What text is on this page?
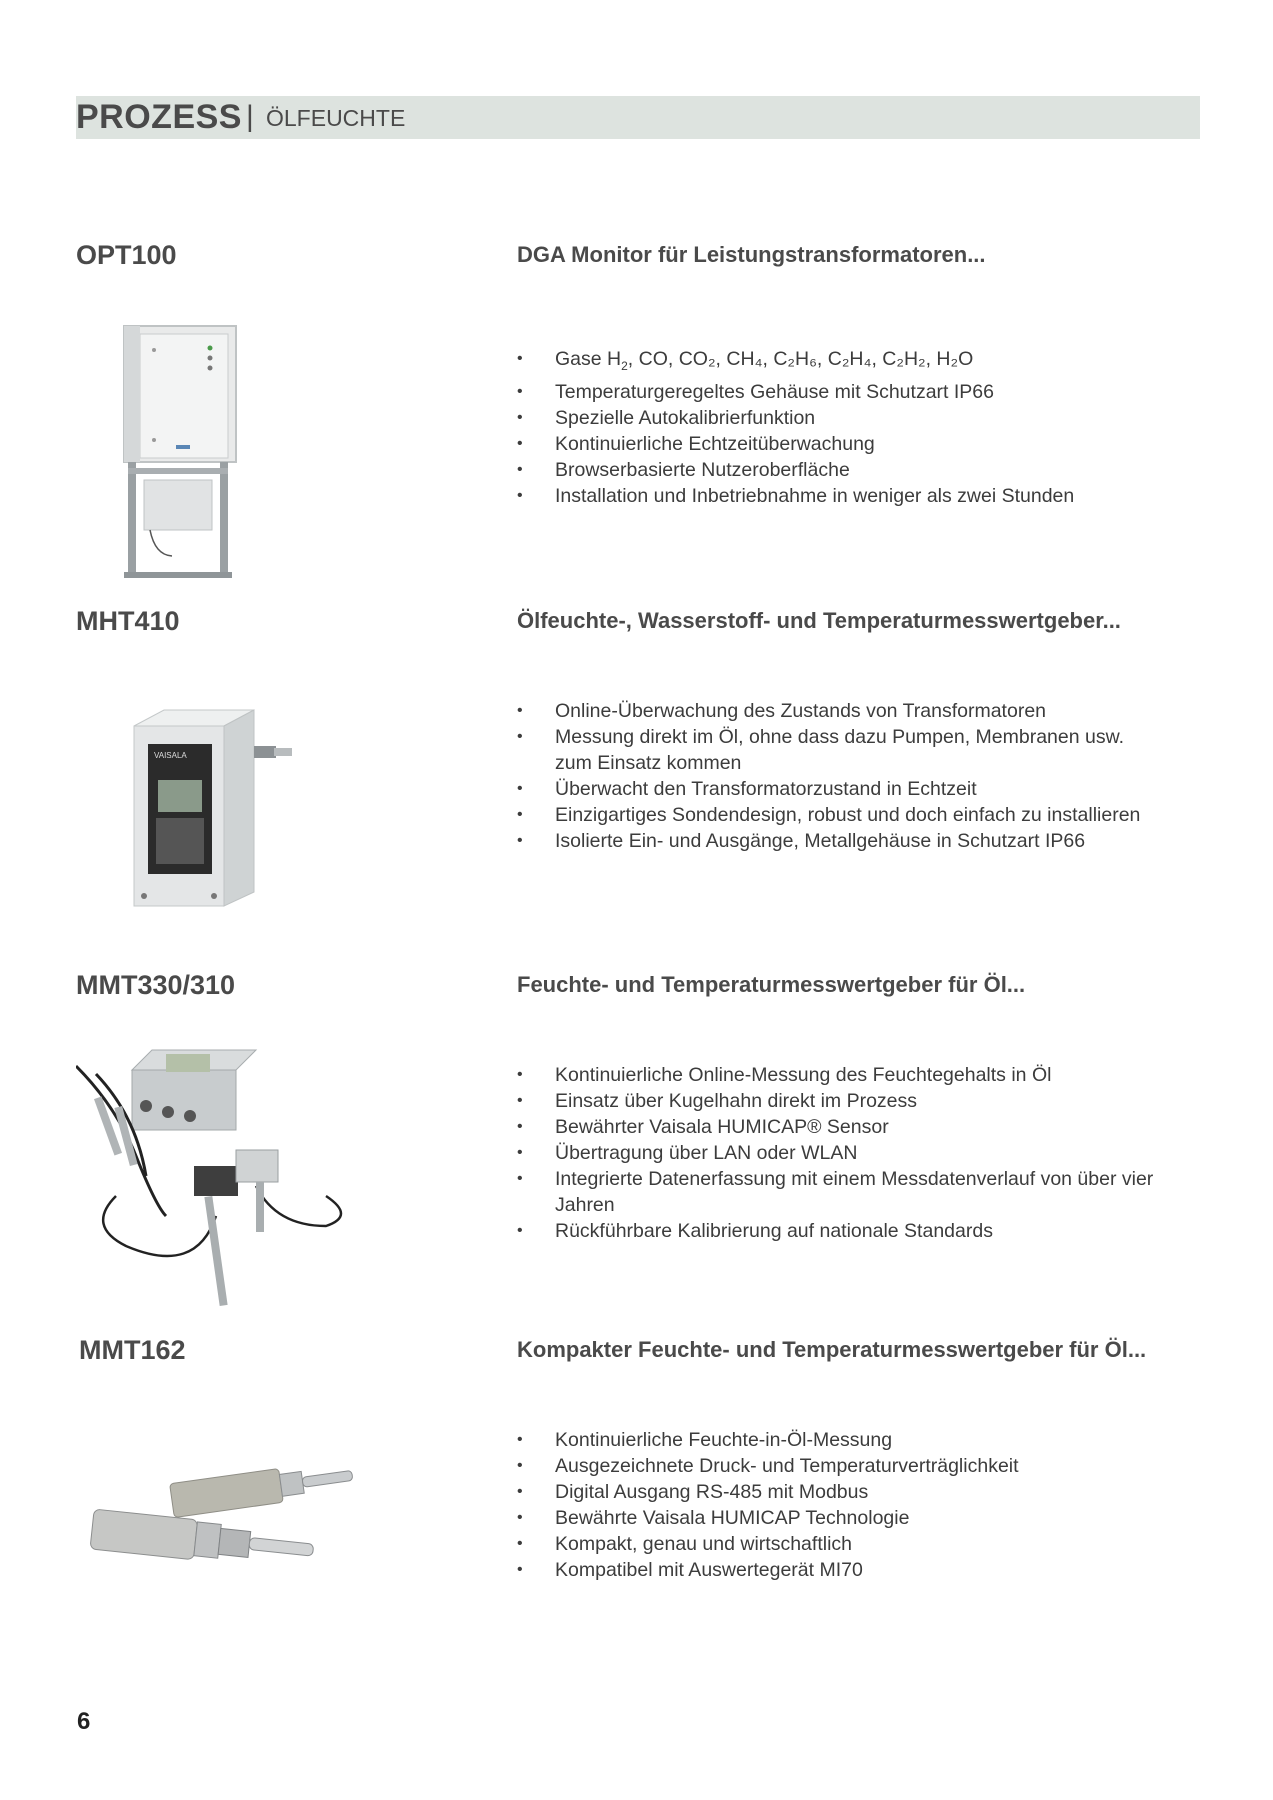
PROZESS | ÖLFEUCHTE
OPT100	DGA Monitor für Leistungstransformatoren...
• Gase $H_2$, CO, CO₂, CH₄, C₂H₆, C₂H₄, C₂H₂, H₂O
• Temperaturgeregeltes Gehäuse mit Schutzart IP66
• Spezielle Autokalibrierfunktion
• Kontinuierliche Echtzeitüberwachung
• Browserbasierte Nutzeroberfläche
• Installation und Inbetriebnahme in weniger als zwei Stunden
MHT410	Ölfeuchte-, Wasserstoff- und Temperaturmesswertgeber...
VAISALA
• Online-Überwachung des Zustands von Transformatoren
• Messung direkt im Öl, ohne dass dazu Pumpen, Membranen usw. zum Einsatz kommen
• Überwacht den Transformatorzustand in Echtzeit
• Einzigartiges Sondendesign, robust und doch einfach zu installieren
• Isolierte Ein- und Ausgänge, Metallgehäuse in Schutzart IP66
MMT330/310	Feuchte- und Temperaturmesswertgeber für Öl...
• Kontinuierliche Online-Messung des Feuchtegehalts in Öl
• Einsatz über Kugelhahn direkt im Prozess
• Bewährter Vaisala HUMICAP® Sensor
• Übertragung über LAN oder WLAN
• Integrierte Datenerfassung mit einem Messdatenverlauf von über vier Jahren
• Rückführbare Kalibrierung auf nationale Standards
MMT162	Kompakter Feuchte- und Temperaturmesswertgeber für Öl...
• Kontinuierliche Feuchte-in-Öl-Messung
• Ausgezeichnete Druck- und Temperaturverträglichkeit
• Digital Ausgang RS-485 mit Modbus
• Bewährte Vaisala HUMICAP Technologie
• Kompakt, genau und wirtschaftlich
• Kompatibel mit Auswertegerät MI70
6
